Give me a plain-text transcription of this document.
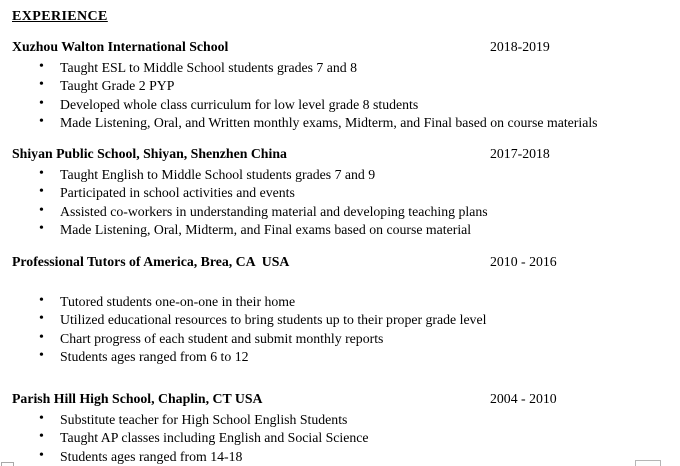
EXPERIENCE
Xuzhou Walton International School	2018-2019
• Taught ESL to Middle School students grades 7 and 8
• Taught Grade 2 PYP
• Developed whole class curriculum for low level grade 8 students
• Made Listening, Oral, and Written monthly exams, Midterm, and Final based on course materials
Shiyan Public School, Shiyan, Shenzhen China	2017-2018
• Taught English to Middle School students grades 7 and 9
• Participated in school activities and events
• Assisted co-workers in understanding material and developing teaching plans
• Made Listening, Oral, Midterm, and Final exams based on course material
Professional Tutors of America, Brea, CA  USA	2010 - 2016
• Tutored students one-on-one in their home
• Utilized educational resources to bring students up to their proper grade level
• Chart progress of each student and submit monthly reports
• Students ages ranged from 6 to 12
Parish Hill High School, Chaplin, CT USA	2004 - 2010
• Substitute teacher for High School English Students
• Taught AP classes including English and Social Science
• Students ages ranged from 14-18
